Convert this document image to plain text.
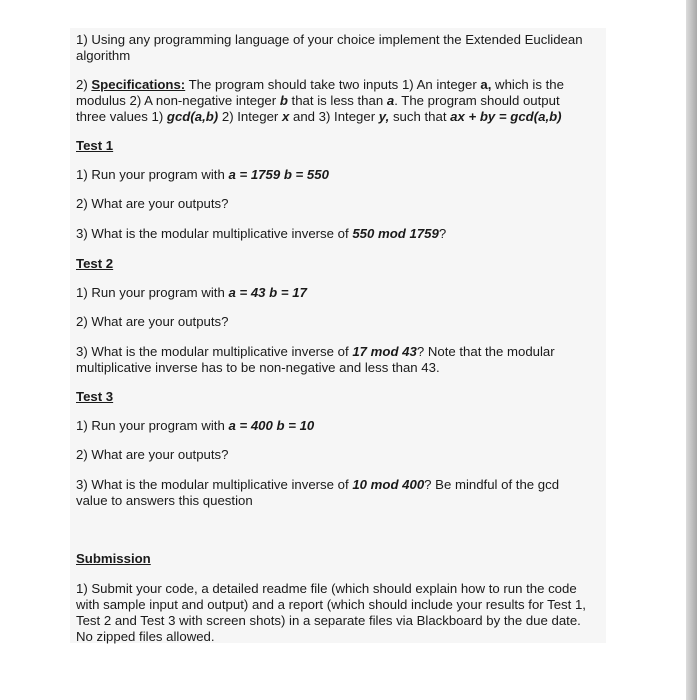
1) Using any programming language of your choice implement the Extended Euclidean
algorithm
2) Specifications: The program should take two inputs 1) An integer a, which is the
modulus 2) A non-negative integer b that is less than a. The program should output
three values 1) gcd(a,b) 2) Integer x and 3) Integer y, such that ax + by = gcd(a,b)
Test 1
1) Run your program with a = 1759 b = 550
2) What are your outputs?
3) What is the modular multiplicative inverse of 550 mod 1759?
Test 2
1) Run your program with a = 43 b = 17
2) What are your outputs?
3) What is the modular multiplicative inverse of 17 mod 43? Note that the modular
multiplicative inverse has to be non-negative and less than 43.
Test 3
1) Run your program with a = 400 b = 10
2) What are your outputs?
3) What is the modular multiplicative inverse of 10 mod 400? Be mindful of the gcd
value to answers this question
Submission
1) Submit your code, a detailed readme file (which should explain how to run the code
with sample input and output) and a report (which should include your results for Test 1,
Test 2 and Test 3 with screen shots) in a separate files via Blackboard by the due date.
No zipped files allowed.
